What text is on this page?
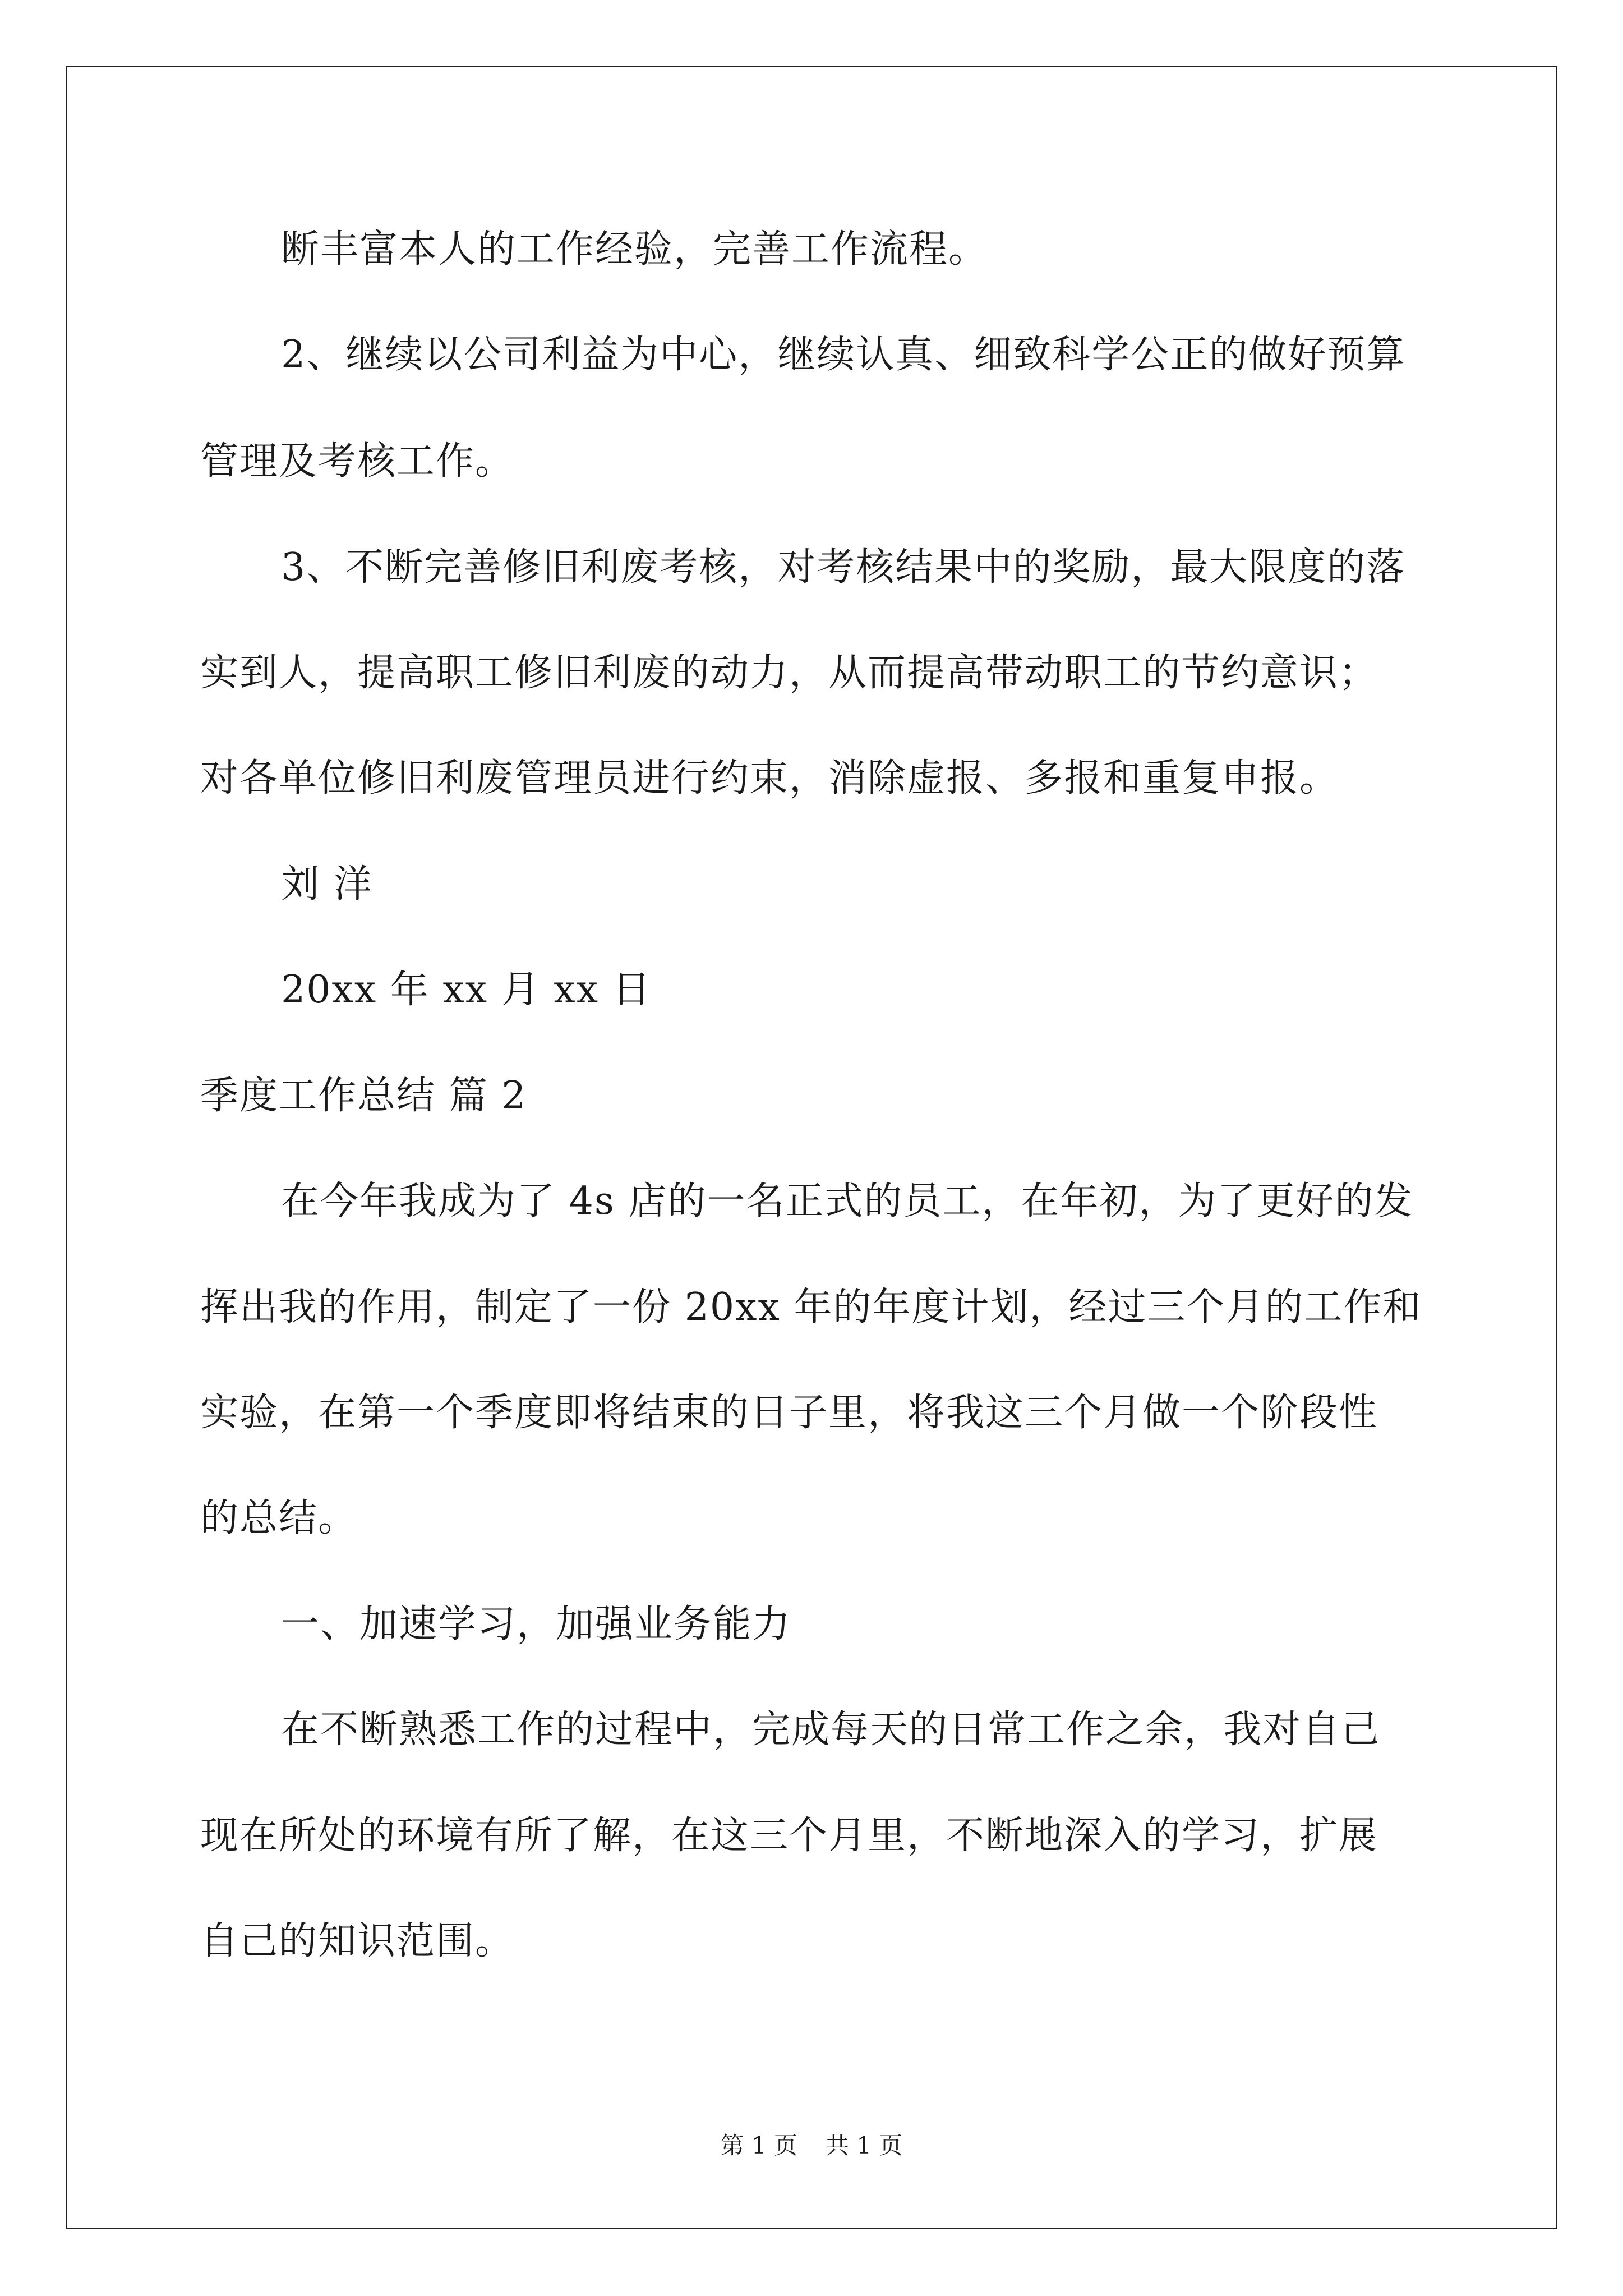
断丰富本人的工作经验，完善工作流程。
2、继续以公司利益为中心，继续认真、细致科学公正的做好预算
管理及考核工作。
3、不断完善修旧利废考核，对考核结果中的奖励，最大限度的落
实到人，提高职工修旧利废的动力，从而提高带动职工的节约意识；
对各单位修旧利废管理员进行约束，消除虚报、多报和重复申报。
刘 洋
20xx 年 xx 月 xx 日
季度工作总结 篇 2
在今年我成为了 4s 店的一名正式的员工，在年初，为了更好的发
挥出我的作用，制定了一份 20xx 年的年度计划，经过三个月的工作和
实验，在第一个季度即将结束的日子里，将我这三个月做一个阶段性
的总结。
一、加速学习，加强业务能力
在不断熟悉工作的过程中，完成每天的日常工作之余，我对自己
现在所处的环境有所了解，在这三个月里，不断地深入的学习，扩展
自己的知识范围。
第 1 页 共 1 页
